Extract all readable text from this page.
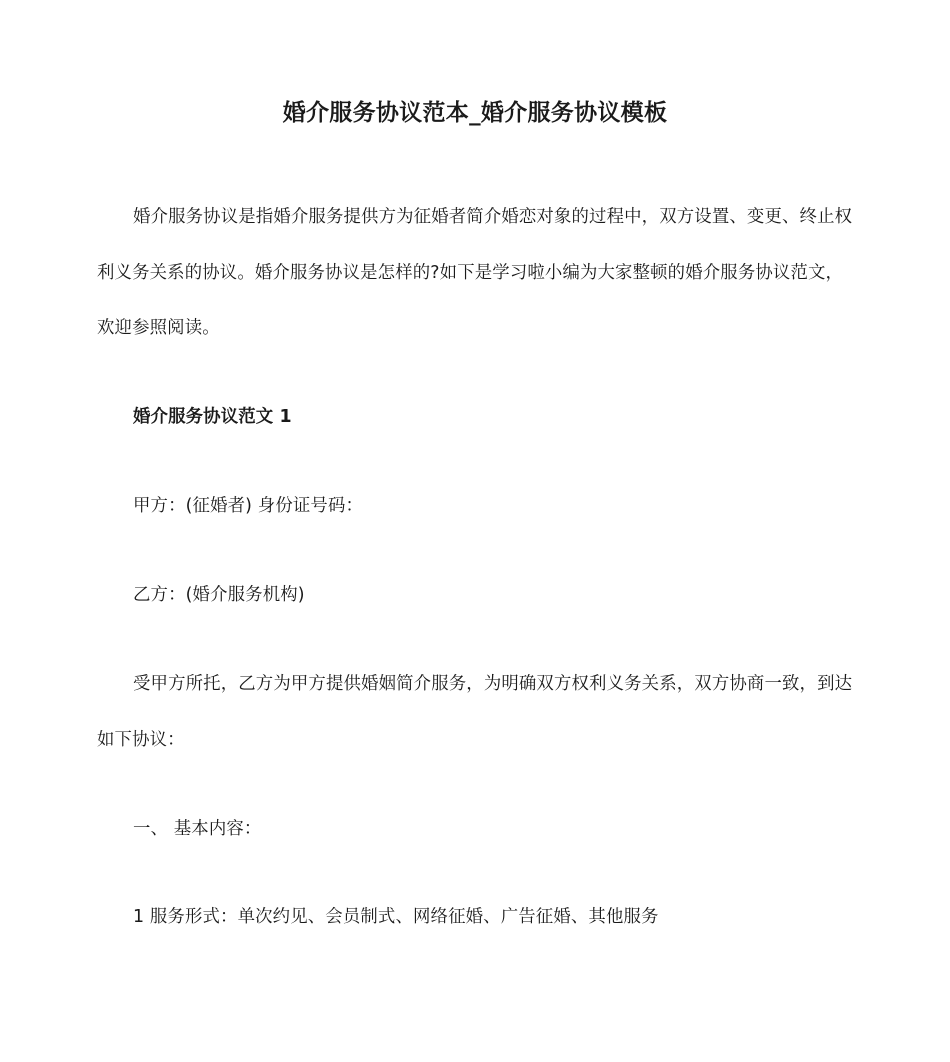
婚介服务协议范本_婚介服务协议模板

婚介服务协议是指婚介服务提供方为征婚者简介婚恋对象的过程中，双方设置、变更、终止权利义务关系的协议。婚介服务协议是怎样的?如下是学习啦小编为大家整顿的婚介服务协议范文，欢迎参照阅读。

婚介服务协议范文 1

甲方：(征婚者) 身份证号码：

乙方：(婚介服务机构)

受甲方所托，乙方为甲方提供婚姻简介服务，为明确双方权利义务关系，双方协商一致，到达如下协议：

一、 基本内容：

1 服务形式：单次约见、会员制式、网络征婚、广告征婚、其他服务
